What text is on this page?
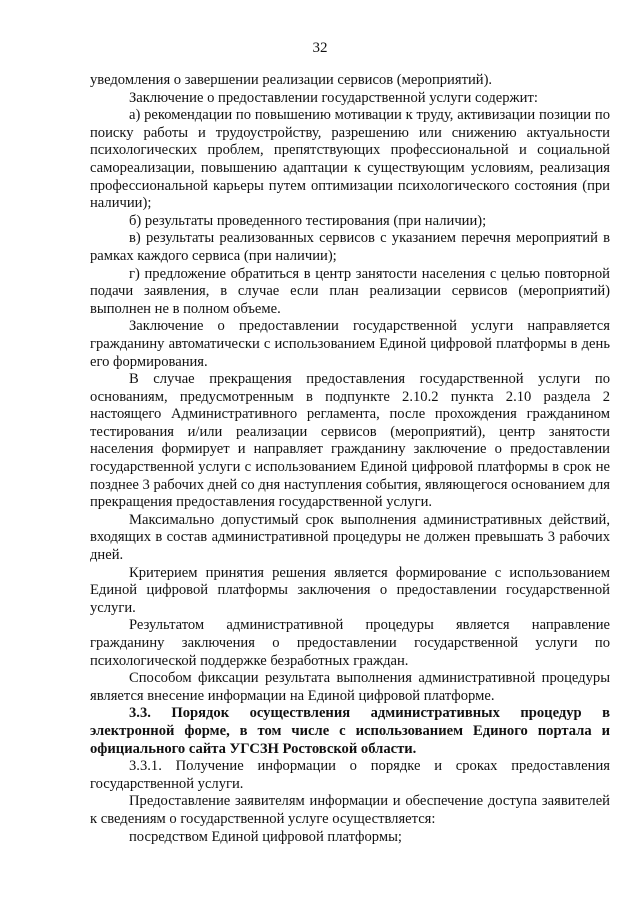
32

уведомления о завершении реализации сервисов (мероприятий).

Заключение о предоставлении государственной услуги содержит:

а) рекомендации по повышению мотивации к труду, активизации позиции по поиску работы и трудоустройству, разрешению или снижению актуальности психологических проблем, препятствующих профессиональной и социальной самореализации, повышению адаптации к существующим условиям, реализация профессиональной карьеры путем оптимизации психологического состояния (при наличии);

б) результаты проведенного тестирования (при наличии);

в) результаты реализованных сервисов с указанием перечня мероприятий в рамках каждого сервиса (при наличии);

г) предложение обратиться в центр занятости населения с целью повторной подачи заявления, в случае если план реализации сервисов (мероприятий) выполнен не в полном объеме.

Заключение о предоставлении государственной услуги направляется гражданину автоматически с использованием Единой цифровой платформы в день его формирования.

В случае прекращения предоставления государственной услуги по основаниям, предусмотренным в подпункте 2.10.2 пункта 2.10 раздела 2 настоящего Административного регламента, после прохождения гражданином тестирования и/или реализации сервисов (мероприятий), центр занятости населения формирует и направляет гражданину заключение о предоставлении государственной услуги с использованием Единой цифровой платформы в срок не позднее 3 рабочих дней со дня наступления события, являющегося основанием для прекращения предоставления государственной услуги.

Максимально допустимый срок выполнения административных действий, входящих в состав административной процедуры не должен превышать 3 рабочих дней.

Критерием принятия решения является формирование с использованием Единой цифровой платформы заключения о предоставлении государственной услуги.

Результатом административной процедуры является направление гражданину заключения о предоставлении государственной услуги по психологической поддержке безработных граждан.

Способом фиксации результата выполнения административной процедуры является внесение информации на Единой цифровой платформе.

3.3. Порядок осуществления административных процедур в электронной форме, в том числе с использованием Единого портала и официального сайта УГСЗН Ростовской области.

3.3.1. Получение информации о порядке и сроках предоставления государственной услуги.

Предоставление заявителям информации и обеспечение доступа заявителей к сведениям о государственной услуге осуществляется:

посредством Единой цифровой платформы;
